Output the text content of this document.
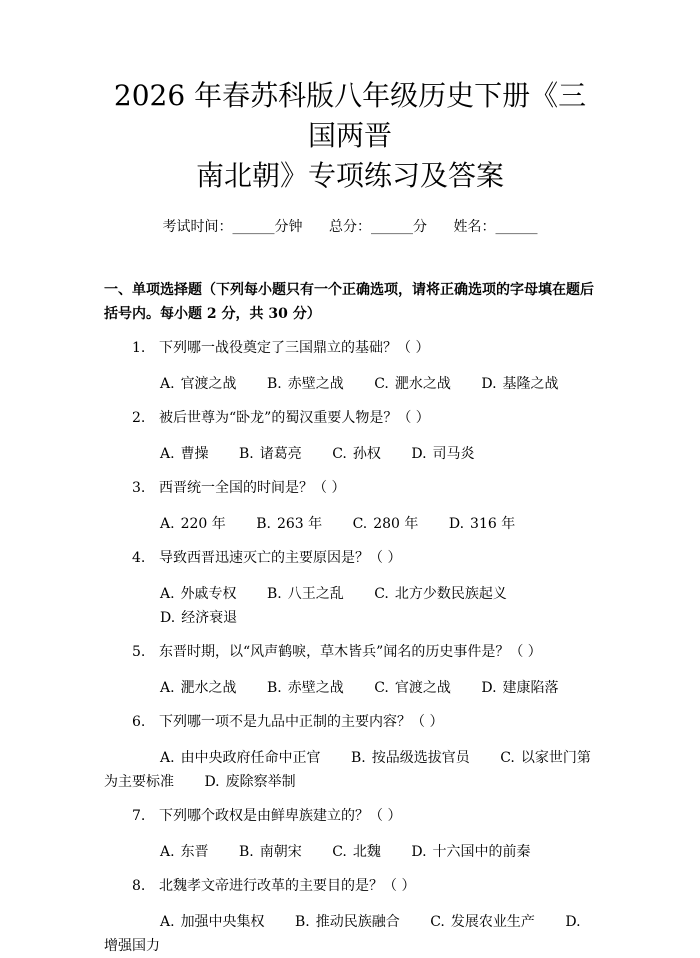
2026 年春苏科版八年级历史下册《三国两晋
南北朝》专项练习及答案
考试时间：______分钟 总分：______分 姓名：______
一、单项选择题（下列每小题只有一个正确选项，请将正确选项的字母填在题后
括号内。每小题 2 分，共 30 分）
1. 下列哪一战役奠定了三国鼎立的基础？（ ）
A. 官渡之战 B. 赤壁之战 C. 淝水之战 D. 基隆之战
2. 被后世尊为“卧龙”的蜀汉重要人物是？（ ）
A. 曹操 B. 诸葛亮 C. 孙权 D. 司马炎
3. 西晋统一全国的时间是？（ ）
A. 220 年 B. 263 年 C. 280 年 D. 316 年
4. 导致西晋迅速灭亡的主要原因是？（ ）
A. 外戚专权 B. 八王之乱 C. 北方少数民族起义 D. 经济衰退
5. 东晋时期，以“风声鹤唳，草木皆兵”闻名的历史事件是？（ ）
A. 淝水之战 B. 赤壁之战 C. 官渡之战 D. 建康陷落
6. 下列哪一项不是九品中正制的主要内容？（ ）
A. 由中央政府任命中正官 B. 按品级选拔官员 C. 以家世门第为主要标准 D. 废除察举制
7. 下列哪个政权是由鲜卑族建立的？（ ）
A. 东晋 B. 南朝宋 C. 北魏 D. 十六国中的前秦
8. 北魏孝文帝进行改革的主要目的是？（ ）
A. 加强中央集权 B. 推动民族融合 C. 发展农业生产 D.增强国力
